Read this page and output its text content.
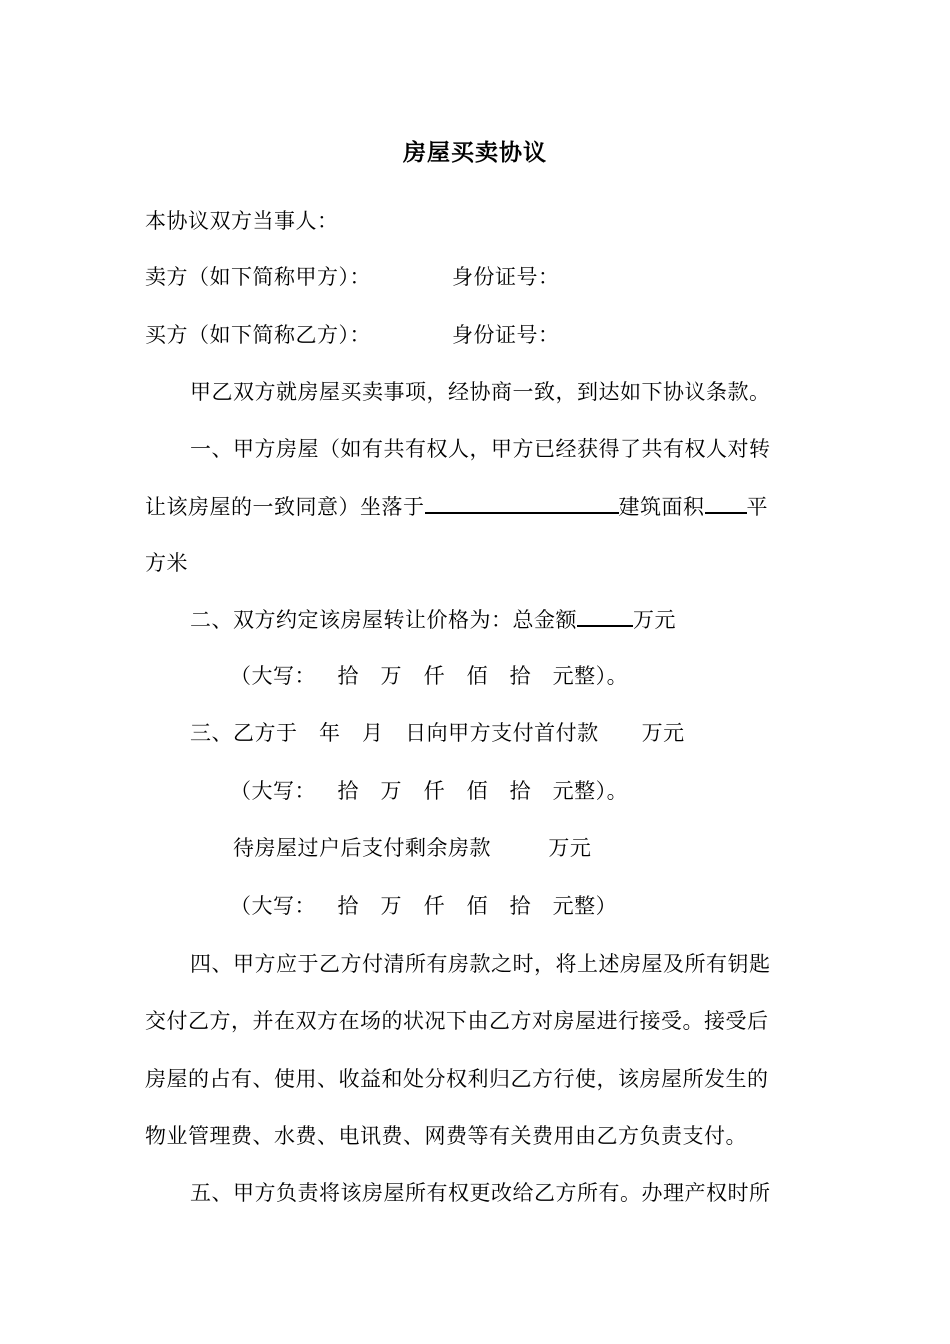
房屋买卖协议
本协议双方当事人：
卖方（如下简称甲方）：	身份证号：
买方（如下简称乙方）：	身份证号：
甲乙双方就房屋买卖事项，经协商一致，到达如下协议条款。
一、甲方房屋（如有共有权人，甲方已经获得了共有权人对转
让该房屋的一致同意）坐落于	建筑面积 平
方米
二、双方约定该房屋转让价格为：总金额	万元
（大写：   拾   万   仟   佰   拾   元整）。
三、乙方于   年   月   日向甲方支付首付款      万元
（大写：   拾   万   仟   佰   拾   元整）。
待房屋过户后支付剩余房款        万元
（大写：   拾   万   仟   佰   拾   元整）
四、甲方应于乙方付清所有房款之时，将上述房屋及所有钥匙
交付乙方，并在双方在场的状况下由乙方对房屋进行接受。接受后
房屋的占有、使用、收益和处分权利归乙方行使，该房屋所发生的
物业管理费、水费、电讯费、网费等有关费用由乙方负责支付。
五、甲方负责将该房屋所有权更改给乙方所有。办理产权时所
